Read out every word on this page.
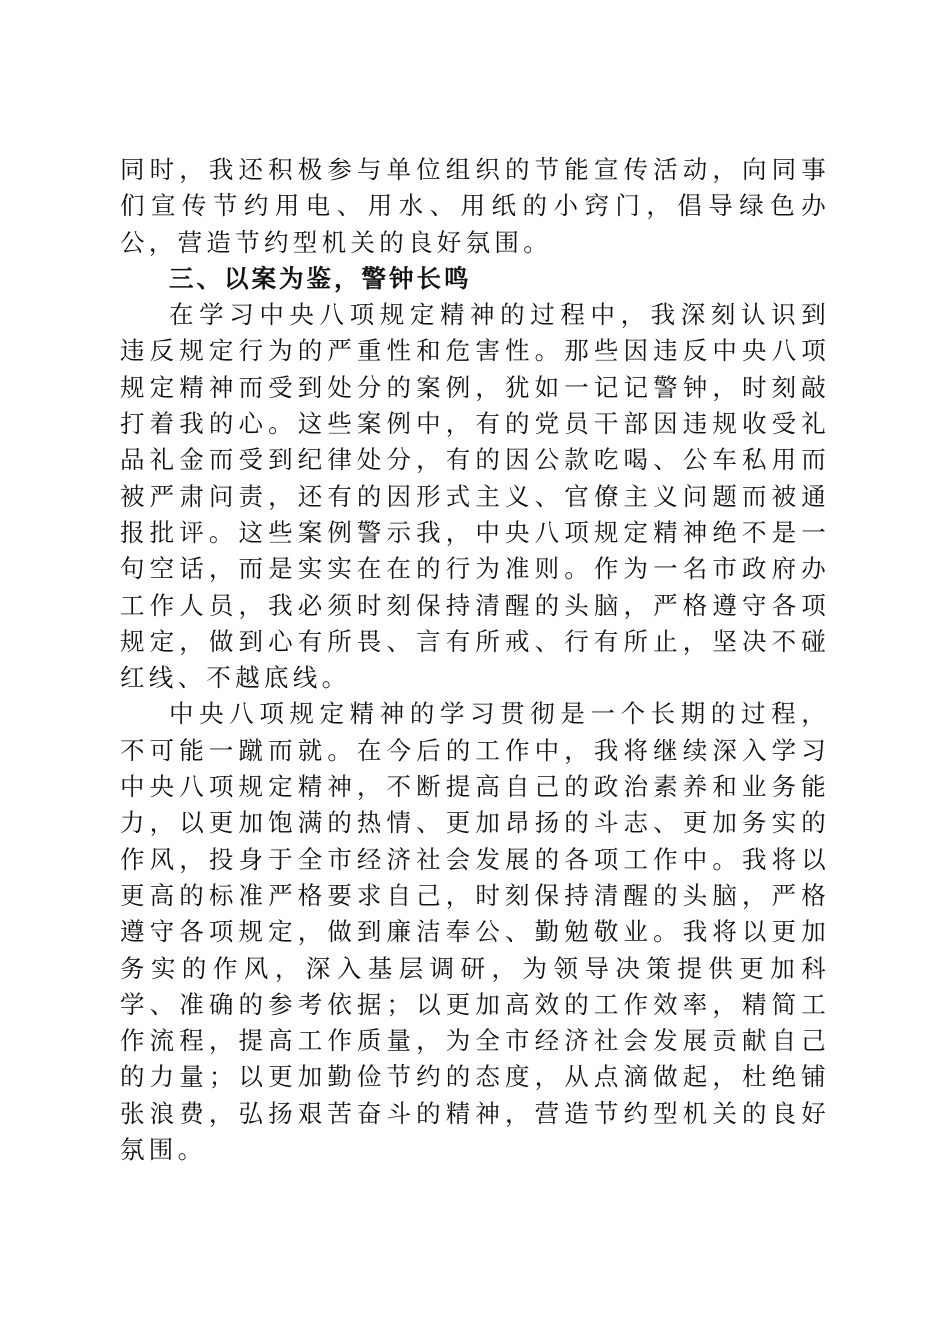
同时，我还积极参与单位组织的节能宣传活动，向同事们宣传节约用电、用水、用纸的小窍门，倡导绿色办公，营造节约型机关的良好氛围。

三、以案为鉴，警钟长鸣

在学习中央八项规定精神的过程中，我深刻认识到违反规定行为的严重性和危害性。那些因违反中央八项规定精神而受到处分的案例，犹如一记记警钟，时刻敲打着我的心。这些案例中，有的党员干部因违规收受礼品礼金而受到纪律处分，有的因公款吃喝、公车私用而被严肃问责，还有的因形式主义、官僚主义问题而被通报批评。这些案例警示我，中央八项规定精神绝不是一句空话，而是实实在在的行为准则。作为一名市政府办工作人员，我必须时刻保持清醒的头脑，严格遵守各项规定，做到心有所畏、言有所戒、行有所止，坚决不碰红线、不越底线。

中央八项规定精神的学习贯彻是一个长期的过程，不可能一蹴而就。在今后的工作中，我将继续深入学习中央八项规定精神，不断提高自己的政治素养和业务能力，以更加饱满的热情、更加昂扬的斗志、更加务实的作风，投身于全市经济社会发展的各项工作中。我将以更高的标准严格要求自己，时刻保持清醒的头脑，严格遵守各项规定，做到廉洁奉公、勤勉敬业。我将以更加务实的作风，深入基层调研，为领导决策提供更加科学、准确的参考依据；以更加高效的工作效率，精简工作流程，提高工作质量，为全市经济社会发展贡献自己的力量；以更加勤俭节约的态度，从点滴做起，杜绝铺张浪费，弘扬艰苦奋斗的精神，营造节约型机关的良好氛围。
